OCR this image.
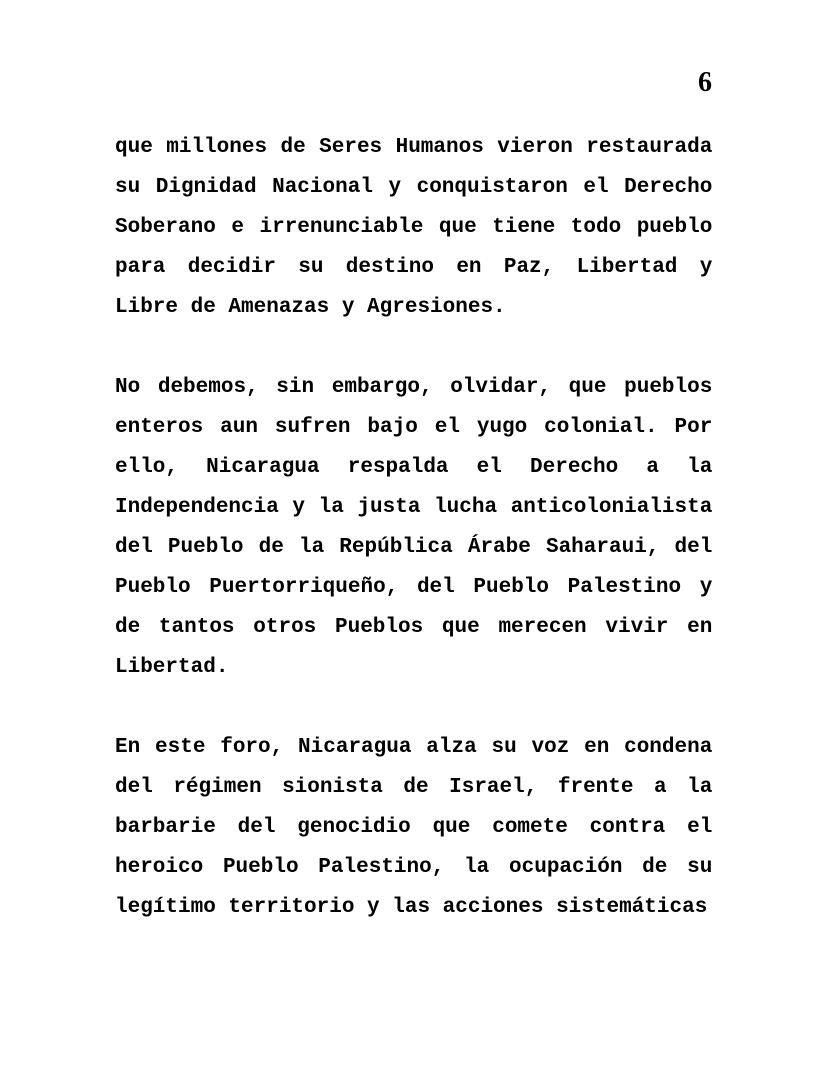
6

que millones de Seres Humanos vieron restaurada su Dignidad Nacional y conquistaron el Derecho Soberano e irrenunciable que tiene todo pueblo para decidir su destino en Paz, Libertad y Libre de Amenazas y Agresiones.

No debemos, sin embargo, olvidar, que pueblos enteros aun sufren bajo el yugo colonial. Por ello, Nicaragua respalda el Derecho a la Independencia y la justa lucha anticolonialista del Pueblo de la República Árabe Saharaui, del Pueblo Puertorriqueño, del Pueblo Palestino y de tantos otros Pueblos que merecen vivir en Libertad.

En este foro, Nicaragua alza su voz en condena del régimen sionista de Israel, frente a la barbarie del genocidio que comete contra el heroico Pueblo Palestino, la ocupación de su legítimo territorio y las acciones sistemáticas
